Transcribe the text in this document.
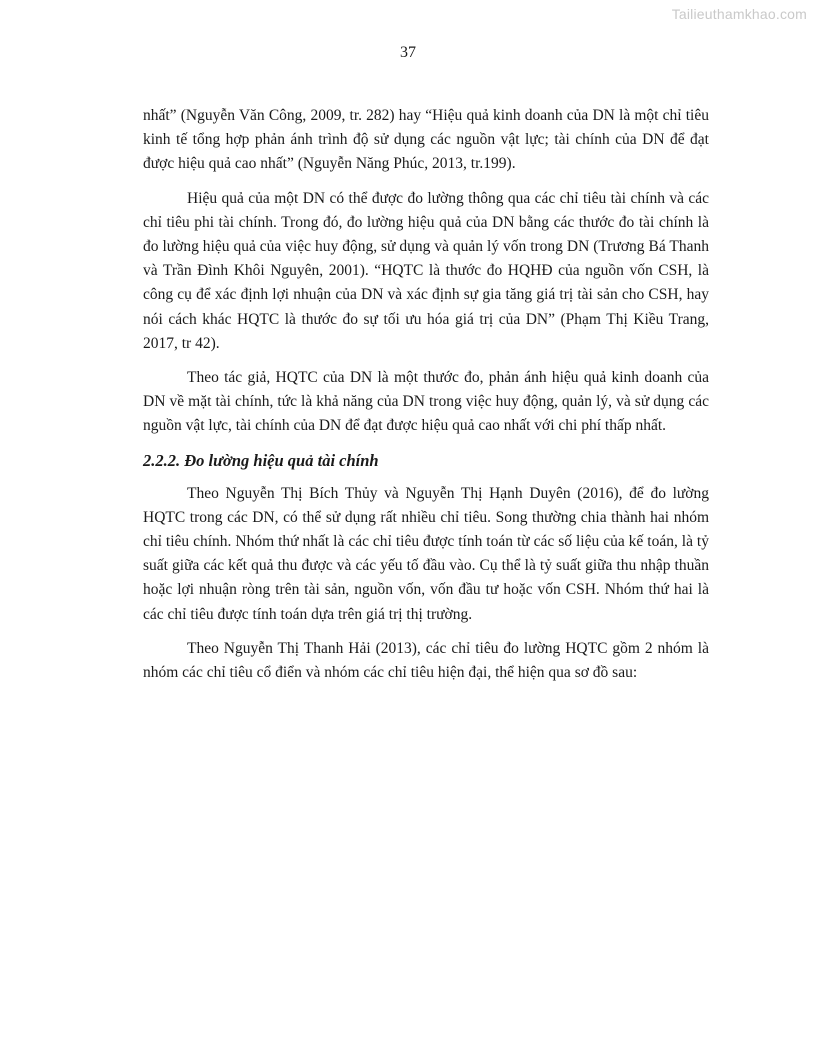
Tailieuthamkhao.com
37

nhất” (Nguyễn Văn Công, 2009, tr. 282) hay “Hiệu quả kinh doanh của DN là một chỉ tiêu kinh tế tổng hợp phản ánh trình độ sử dụng các nguồn vật lực; tài chính của DN để đạt được hiệu quả cao nhất” (Nguyễn Năng Phúc, 2013, tr.199).

Hiệu quả của một DN có thể được đo lường thông qua các chỉ tiêu tài chính và các chỉ tiêu phi tài chính. Trong đó, đo lường hiệu quả của DN bằng các thước đo tài chính là đo lường hiệu quả của việc huy động, sử dụng và quản lý vốn trong DN (Trương Bá Thanh và Trần Đình Khôi Nguyên, 2001). “HQTC là thước đo HQHĐ của nguồn vốn CSH, là công cụ để xác định lợi nhuận của DN và xác định sự gia tăng giá trị tài sản cho CSH, hay nói cách khác HQTC là thước đo sự tối ưu hóa giá trị của DN” (Phạm Thị Kiều Trang, 2017, tr 42).

Theo tác giả, HQTC của DN là một thước đo, phản ánh hiệu quả kinh doanh của DN về mặt tài chính, tức là khả năng của DN trong việc huy động, quản lý, và sử dụng các nguồn vật lực, tài chính của DN để đạt được hiệu quả cao nhất với chi phí thấp nhất.

2.2.2. Đo lường hiệu quả tài chính

Theo Nguyễn Thị Bích Thủy và Nguyễn Thị Hạnh Duyên (2016), để đo lường HQTC trong các DN, có thể sử dụng rất nhiều chỉ tiêu. Song thường chia thành hai nhóm chỉ tiêu chính. Nhóm thứ nhất là các chỉ tiêu được tính toán từ các số liệu của kế toán, là tỷ suất giữa các kết quả thu được và các yếu tố đầu vào. Cụ thể là tỷ suất giữa thu nhập thuần hoặc lợi nhuận ròng trên tài sản, nguồn vốn, vốn đầu tư hoặc vốn CSH. Nhóm thứ hai là các chỉ tiêu được tính toán dựa trên giá trị thị trường.

Theo Nguyễn Thị Thanh Hải (2013), các chỉ tiêu đo lường HQTC gồm 2 nhóm là nhóm các chỉ tiêu cổ điển và nhóm các chỉ tiêu hiện đại, thể hiện qua sơ đồ sau:
